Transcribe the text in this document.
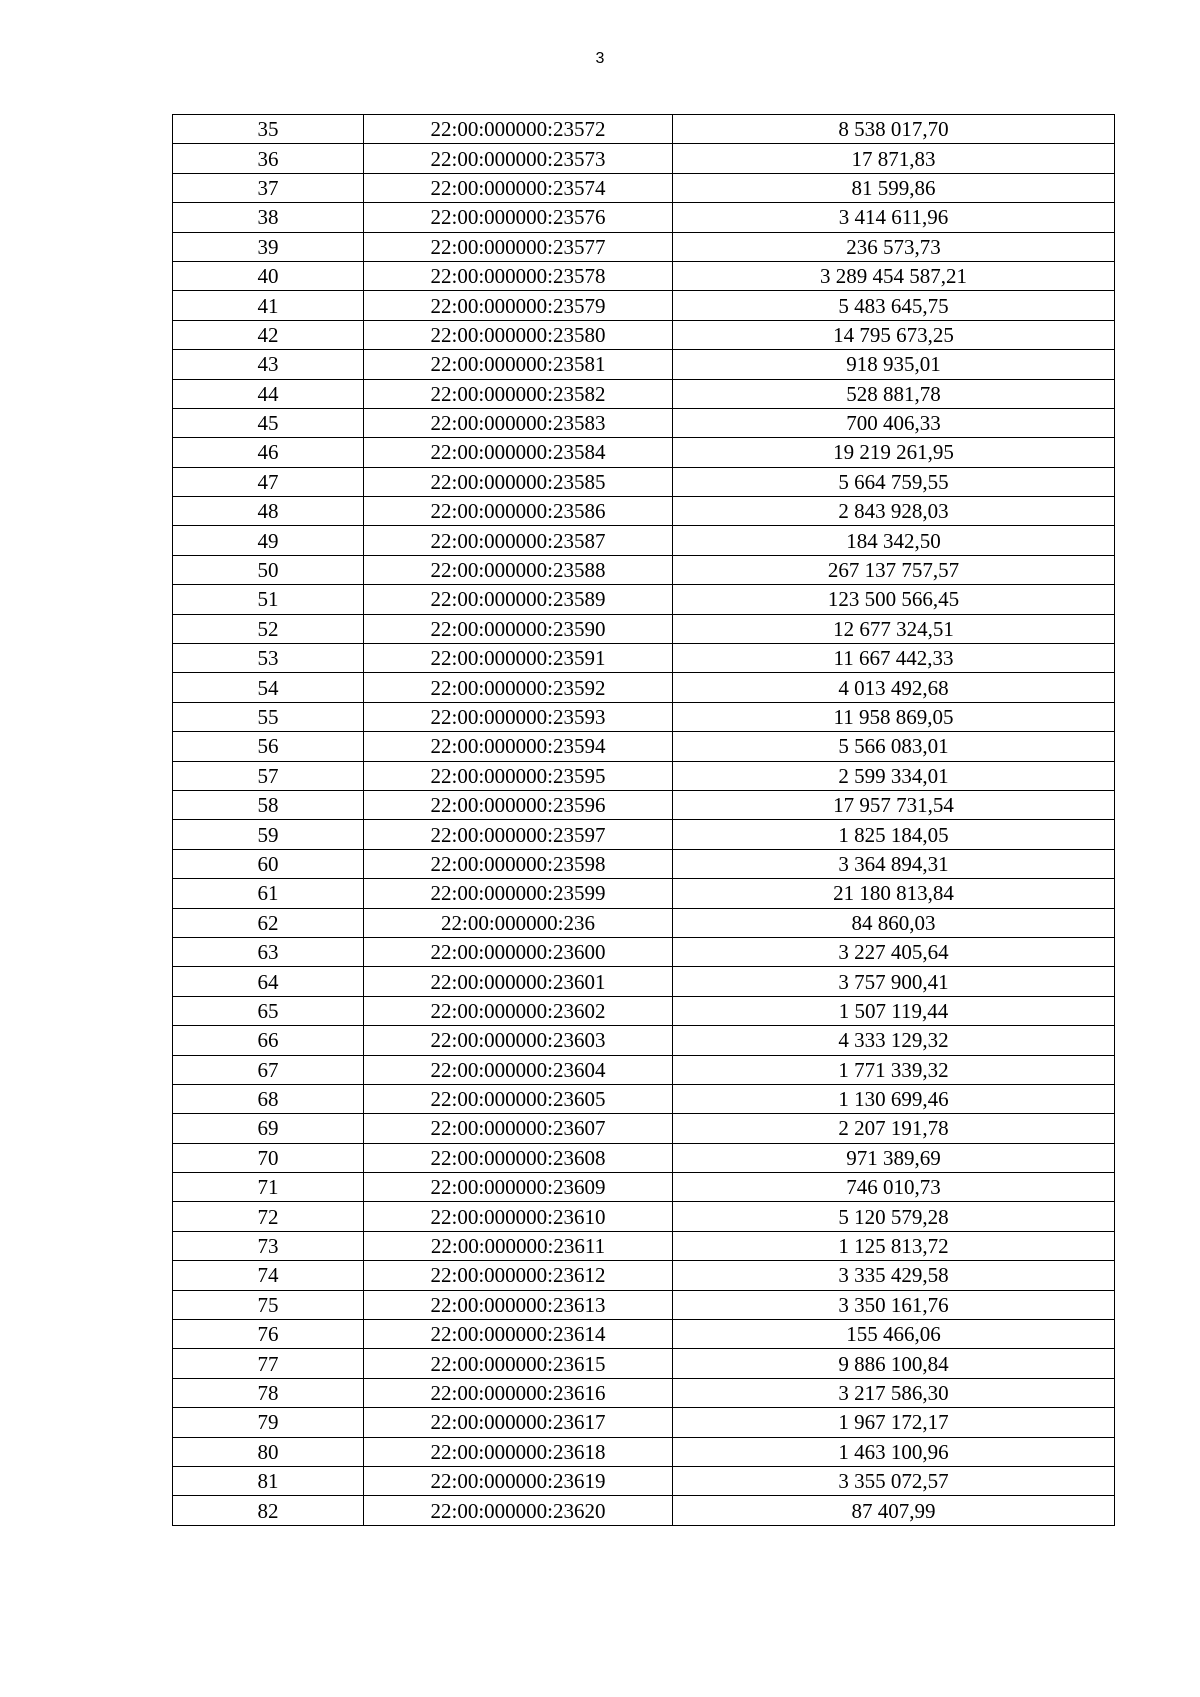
3
35	22:00:000000:23572	8 538 017,70
36	22:00:000000:23573	17 871,83
37	22:00:000000:23574	81 599,86
38	22:00:000000:23576	3 414 611,96
39	22:00:000000:23577	236 573,73
40	22:00:000000:23578	3 289 454 587,21
41	22:00:000000:23579	5 483 645,75
42	22:00:000000:23580	14 795 673,25
43	22:00:000000:23581	918 935,01
44	22:00:000000:23582	528 881,78
45	22:00:000000:23583	700 406,33
46	22:00:000000:23584	19 219 261,95
47	22:00:000000:23585	5 664 759,55
48	22:00:000000:23586	2 843 928,03
49	22:00:000000:23587	184 342,50
50	22:00:000000:23588	267 137 757,57
51	22:00:000000:23589	123 500 566,45
52	22:00:000000:23590	12 677 324,51
53	22:00:000000:23591	11 667 442,33
54	22:00:000000:23592	4 013 492,68
55	22:00:000000:23593	11 958 869,05
56	22:00:000000:23594	5 566 083,01
57	22:00:000000:23595	2 599 334,01
58	22:00:000000:23596	17 957 731,54
59	22:00:000000:23597	1 825 184,05
60	22:00:000000:23598	3 364 894,31
61	22:00:000000:23599	21 180 813,84
62	22:00:000000:236	84 860,03
63	22:00:000000:23600	3 227 405,64
64	22:00:000000:23601	3 757 900,41
65	22:00:000000:23602	1 507 119,44
66	22:00:000000:23603	4 333 129,32
67	22:00:000000:23604	1 771 339,32
68	22:00:000000:23605	1 130 699,46
69	22:00:000000:23607	2 207 191,78
70	22:00:000000:23608	971 389,69
71	22:00:000000:23609	746 010,73
72	22:00:000000:23610	5 120 579,28
73	22:00:000000:23611	1 125 813,72
74	22:00:000000:23612	3 335 429,58
75	22:00:000000:23613	3 350 161,76
76	22:00:000000:23614	155 466,06
77	22:00:000000:23615	9 886 100,84
78	22:00:000000:23616	3 217 586,30
79	22:00:000000:23617	1 967 172,17
80	22:00:000000:23618	1 463 100,96
81	22:00:000000:23619	3 355 072,57
82	22:00:000000:23620	87 407,99
